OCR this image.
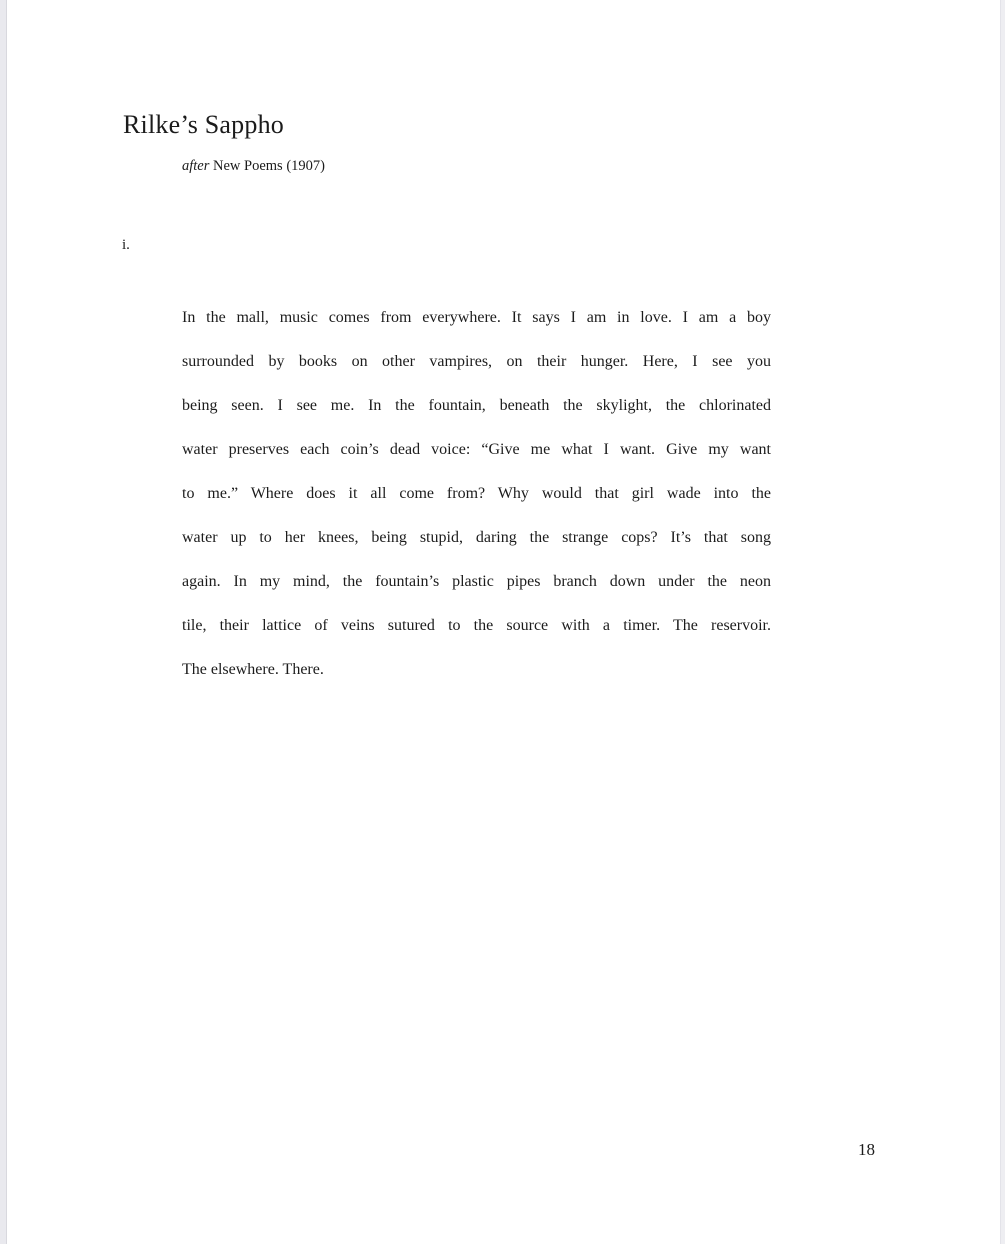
Rilke’s Sappho
after New Poems (1907)
i.
In the mall, music comes from everywhere. It says I am in love. I am a boy
surrounded by books on other vampires, on their hunger. Here, I see you
being seen. I see me. In the fountain, beneath the skylight, the chlorinated
water preserves each coin’s dead voice: “Give me what I want. Give my want
to me.” Where does it all come from? Why would that girl wade into the
water up to her knees, being stupid, daring the strange cops? It’s that song
again. In my mind, the fountain’s plastic pipes branch down under the neon
tile, their lattice of veins sutured to the source with a timer. The reservoir.
The elsewhere. There.
18
